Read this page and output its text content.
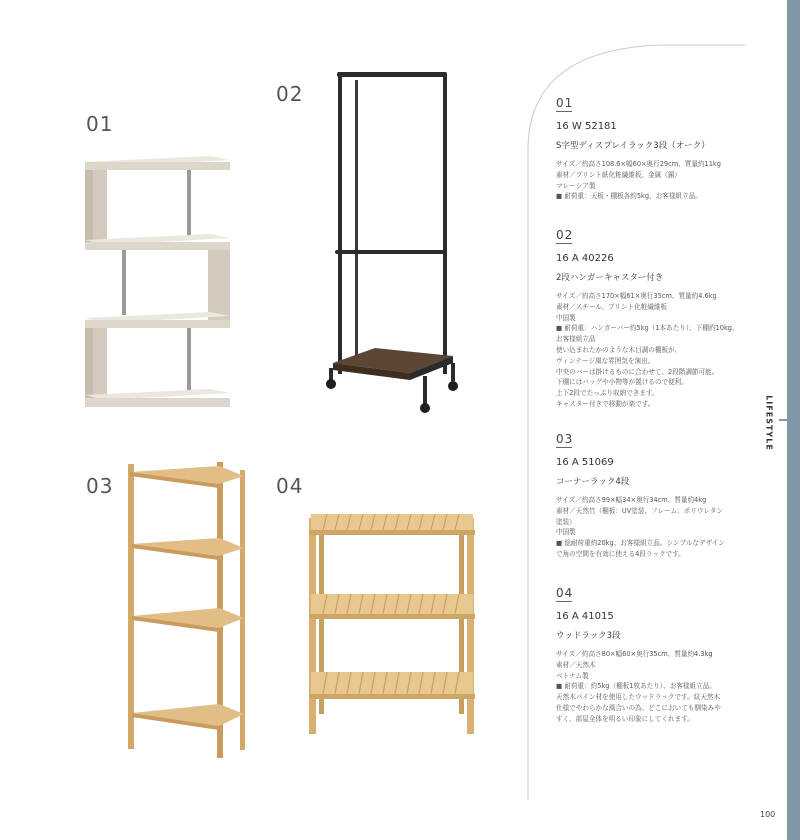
LIFESTYLE
01
02
03	04
01
16 W 52181
S字型ディスプレイラック3段（オーク）
サイズ／約高さ108.6×幅60×奥行29cm、質量約11kg
素材／プリント紙化粧繊維板、金属（銅）
マレーシア製
■ 耐荷重：天板・棚板各約5kg、お客様組立品。
02
16 A 40226
2段ハンガーキャスター付き
サイズ／約高さ170×幅61×奥行35cm、質量約4.6kg
素材／スチール、プリント化粧繊維板
中国製
■ 耐荷重：ハンガーバー約5kg（1本あたり）、下棚約10kg、
お客様組立品
使い込まれたかのような木目調の棚板が、
ヴィンテージ風な雰囲気を演出。
中央のバーは掛けるものに合わせて、2段階調節可能。
下棚にはバッグや小物等が置けるので便利。
上下2段でたっぷり収納できます。
キャスター付きで移動が楽です。
03
16 A 51069
コーナーラック4段
サイズ／約高さ99×幅34×奥行34cm、質量約4kg
素材／天然竹（棚板：UV塗装、フレーム：ポリウレタン
塗装）
中国製
■ 総耐荷重約20kg、お客様組立品。シンプルなデザイン
で角の空間を有効に使える4段ラックです。
04
16 A 41015
ウッドラック3段
サイズ／約高さ80×幅60×奥行35cm、質量約4.3kg
素材／天然木
ベトナム製
■ 耐荷重：約5kg（棚板1枚あたり）、お客様組立品。
天然木パイン材を使用したウッドラックです。紋天然木
仕様でやわらかな風合いの為、どこにおいても馴染みや
すく、部屋全体を明るい印象にしてくれます。
100
